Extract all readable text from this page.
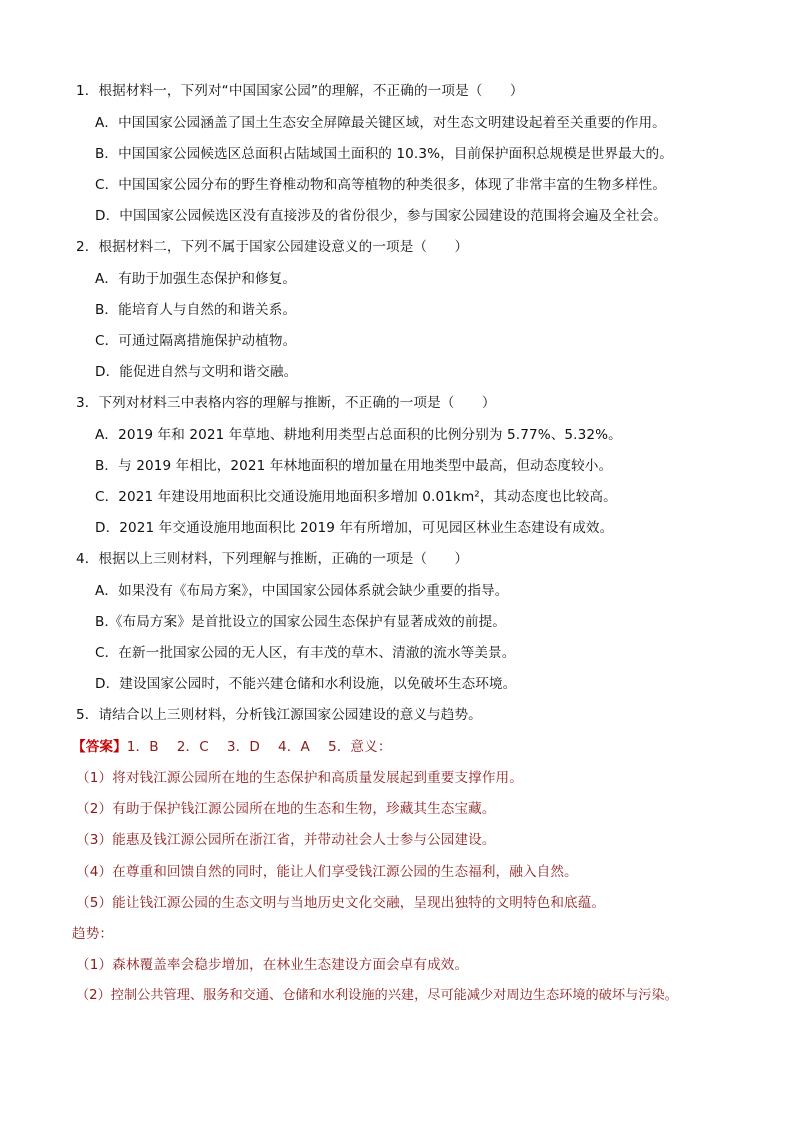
1．根据材料一，下列对“中国国家公园”的理解，不正确的一项是（　　）
A．中国国家公园涵盖了国土生态安全屏障最关键区域，对生态文明建设起着至关重要的作用。
B．中国国家公园候选区总面积占陆域国土面积的 10.3%，目前保护面积总规模是世界最大的。
C．中国国家公园分布的野生脊椎动物和高等植物的种类很多，体现了非常丰富的生物多样性。
D．中国国家公园候选区没有直接涉及的省份很少，参与国家公园建设的范围将会遍及全社会。
2．根据材料二，下列不属于国家公园建设意义的一项是（　　）
A．有助于加强生态保护和修复。
B．能培育人与自然的和谐关系。
C．可通过隔离措施保护动植物。
D．能促进自然与文明和谐交融。
3．下列对材料三中表格内容的理解与推断，不正确的一项是（　　）
A．2019 年和 2021 年草地、耕地利用类型占总面积的比例分别为 5.77%、5.32%。
B．与 2019 年相比，2021 年林地面积的增加量在用地类型中最高，但动态度较小。
C．2021 年建设用地面积比交通设施用地面积多增加 0.01km²，其动态度也比较高。
D．2021 年交通设施用地面积比 2019 年有所增加，可见园区林业生态建设有成效。
4．根据以上三则材料，下列理解与推断，正确的一项是（　　）
A．如果没有《布局方案》，中国国家公园体系就会缺少重要的指导。
B.《布局方案》是首批设立的国家公园生态保护有显著成效的前提。
C．在新一批国家公园的无人区，有丰茂的草木、清澈的流水等美景。
D．建设国家公园时，不能兴建仓储和水利设施，以免破坏生态环境。
5．请结合以上三则材料，分析钱江源国家公园建设的意义与趋势。
【答案】1．B　 2．C　 3．D　 4．A　 5．意义：
（1）将对钱江源公园所在地的生态保护和高质量发展起到重要支撑作用。
（2）有助于保护钱江源公园所在地的生态和生物，珍藏其生态宝藏。
（3）能惠及钱江源公园所在浙江省，并带动社会人士参与公园建设。
（4）在尊重和回馈自然的同时，能让人们享受钱江源公园的生态福利，融入自然。
（5）能让钱江源公园的生态文明与当地历史文化交融，呈现出独特的文明特色和底蕴。
趋势：
（1）森林覆盖率会稳步增加，在林业生态建设方面会卓有成效。
（2）控制公共管理、服务和交通、仓储和水利设施的兴建，尽可能减少对周边生态环境的破坏与污染。
